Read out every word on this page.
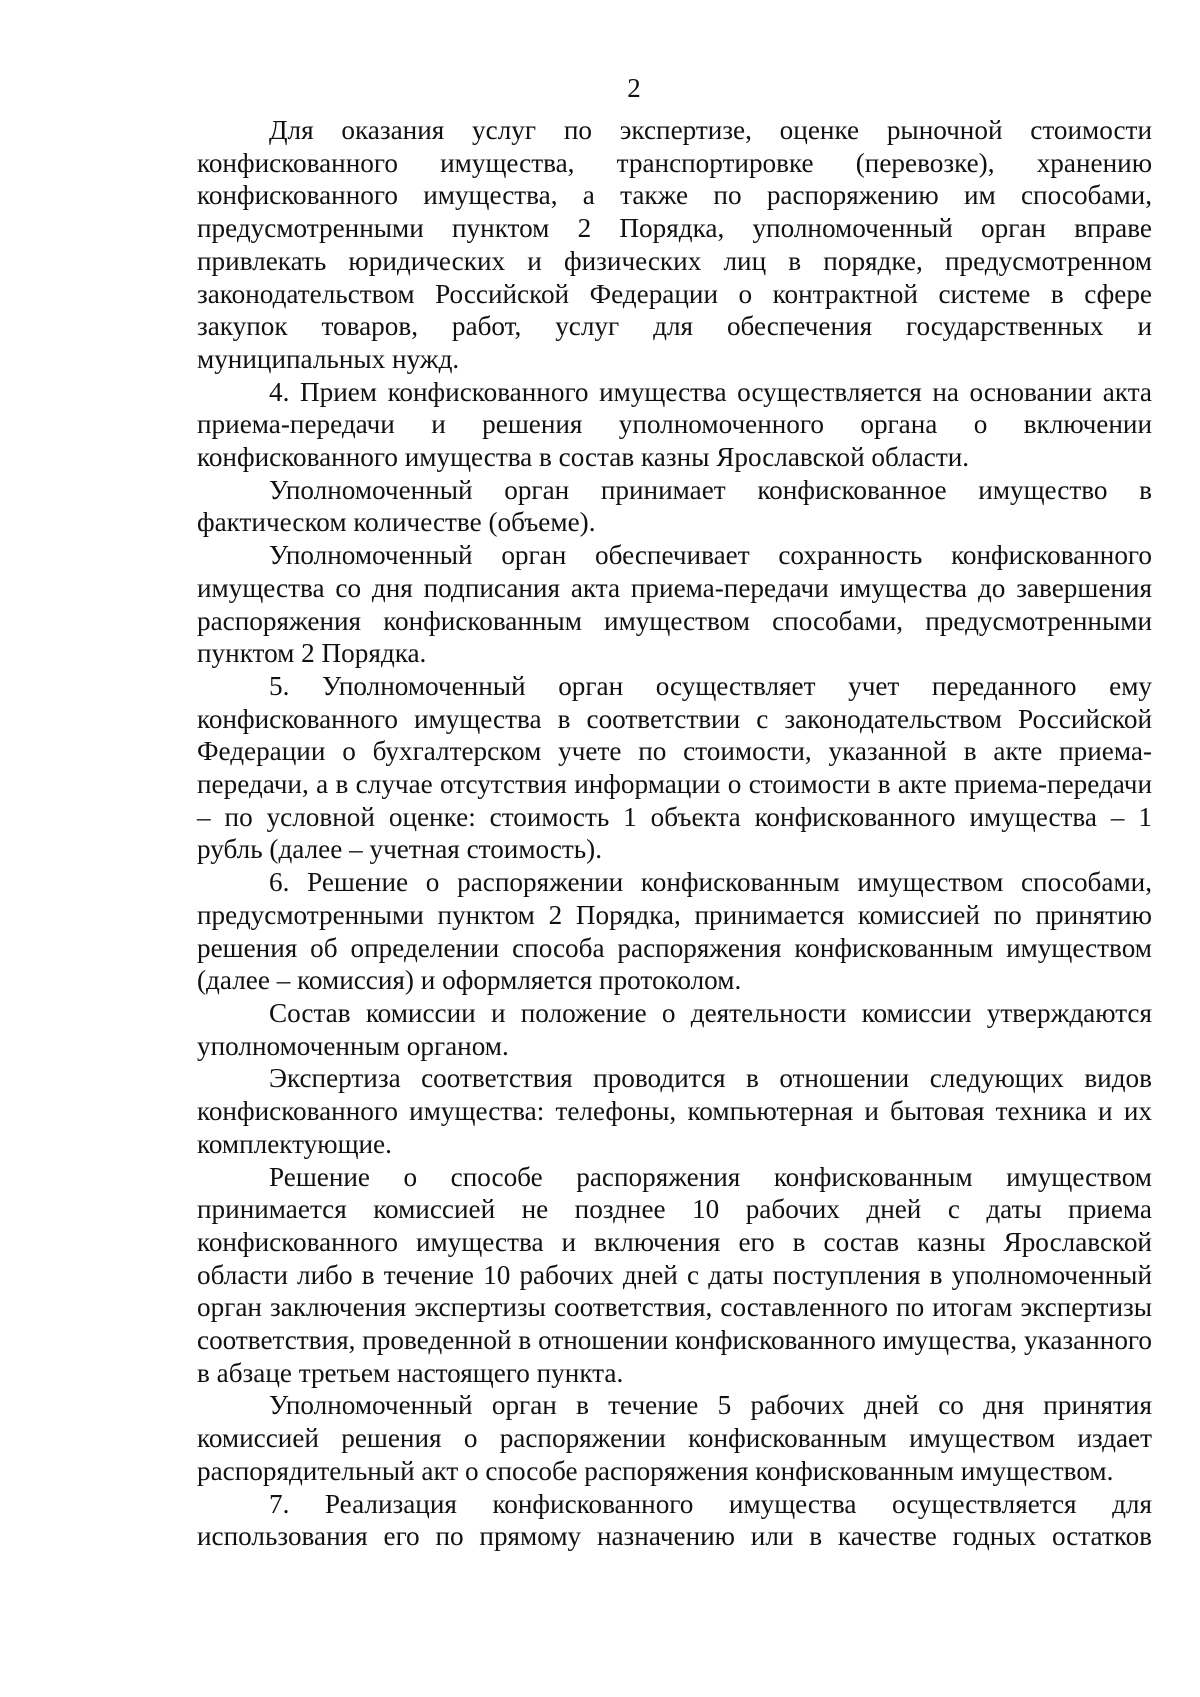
2

Для оказания услуг по экспертизе, оценке рыночной стоимости конфискованного имущества, транспортировке (перевозке), хранению конфискованного имущества, а также по распоряжению им способами, предусмотренными пунктом 2 Порядка, уполномоченный орган вправе привлекать юридических и физических лиц в порядке, предусмотренном законодательством Российской Федерации о контрактной системе в сфере закупок товаров, работ, услуг для обеспечения государственных и муниципальных нужд.

4. Прием конфискованного имущества осуществляется на основании акта приема-передачи и решения уполномоченного органа о включении конфискованного имущества в состав казны Ярославской области.

Уполномоченный орган принимает конфискованное имущество в фактическом количестве (объеме).

Уполномоченный орган обеспечивает сохранность конфискованного имущества со дня подписания акта приема-передачи имущества до завершения распоряжения конфискованным имуществом способами, предусмотренными пунктом 2 Порядка.

5. Уполномоченный орган осуществляет учет переданного ему конфискованного имущества в соответствии с законодательством Российской Федерации о бухгалтерском учете по стоимости, указанной в акте приема-передачи, а в случае отсутствия информации о стоимости в акте приема-передачи – по условной оценке: стоимость 1 объекта конфискованного имущества – 1 рубль (далее – учетная стоимость).

6. Решение о распоряжении конфискованным имуществом способами, предусмотренными пунктом 2 Порядка, принимается комиссией по принятию решения об определении способа распоряжения конфискованным имуществом (далее – комиссия) и оформляется протоколом.

Состав комиссии и положение о деятельности комиссии утверждаются уполномоченным органом.

Экспертиза соответствия проводится в отношении следующих видов конфискованного имущества: телефоны, компьютерная и бытовая техника и их комплектующие.

Решение о способе распоряжения конфискованным имуществом принимается комиссией не позднее 10 рабочих дней с даты приема конфискованного имущества и включения его в состав казны Ярославской области либо в течение 10 рабочих дней с даты поступления в уполномоченный орган заключения экспертизы соответствия, составленного по итогам экспертизы соответствия, проведенной в отношении конфискованного имущества, указанного в абзаце третьем настоящего пункта.

Уполномоченный орган в течение 5 рабочих дней со дня принятия комиссией решения о распоряжении конфискованным имуществом издает распорядительный акт о способе распоряжения конфискованным имуществом.

7. Реализация конфискованного имущества осуществляется для использования его по прямому назначению или в качестве годных остатков
